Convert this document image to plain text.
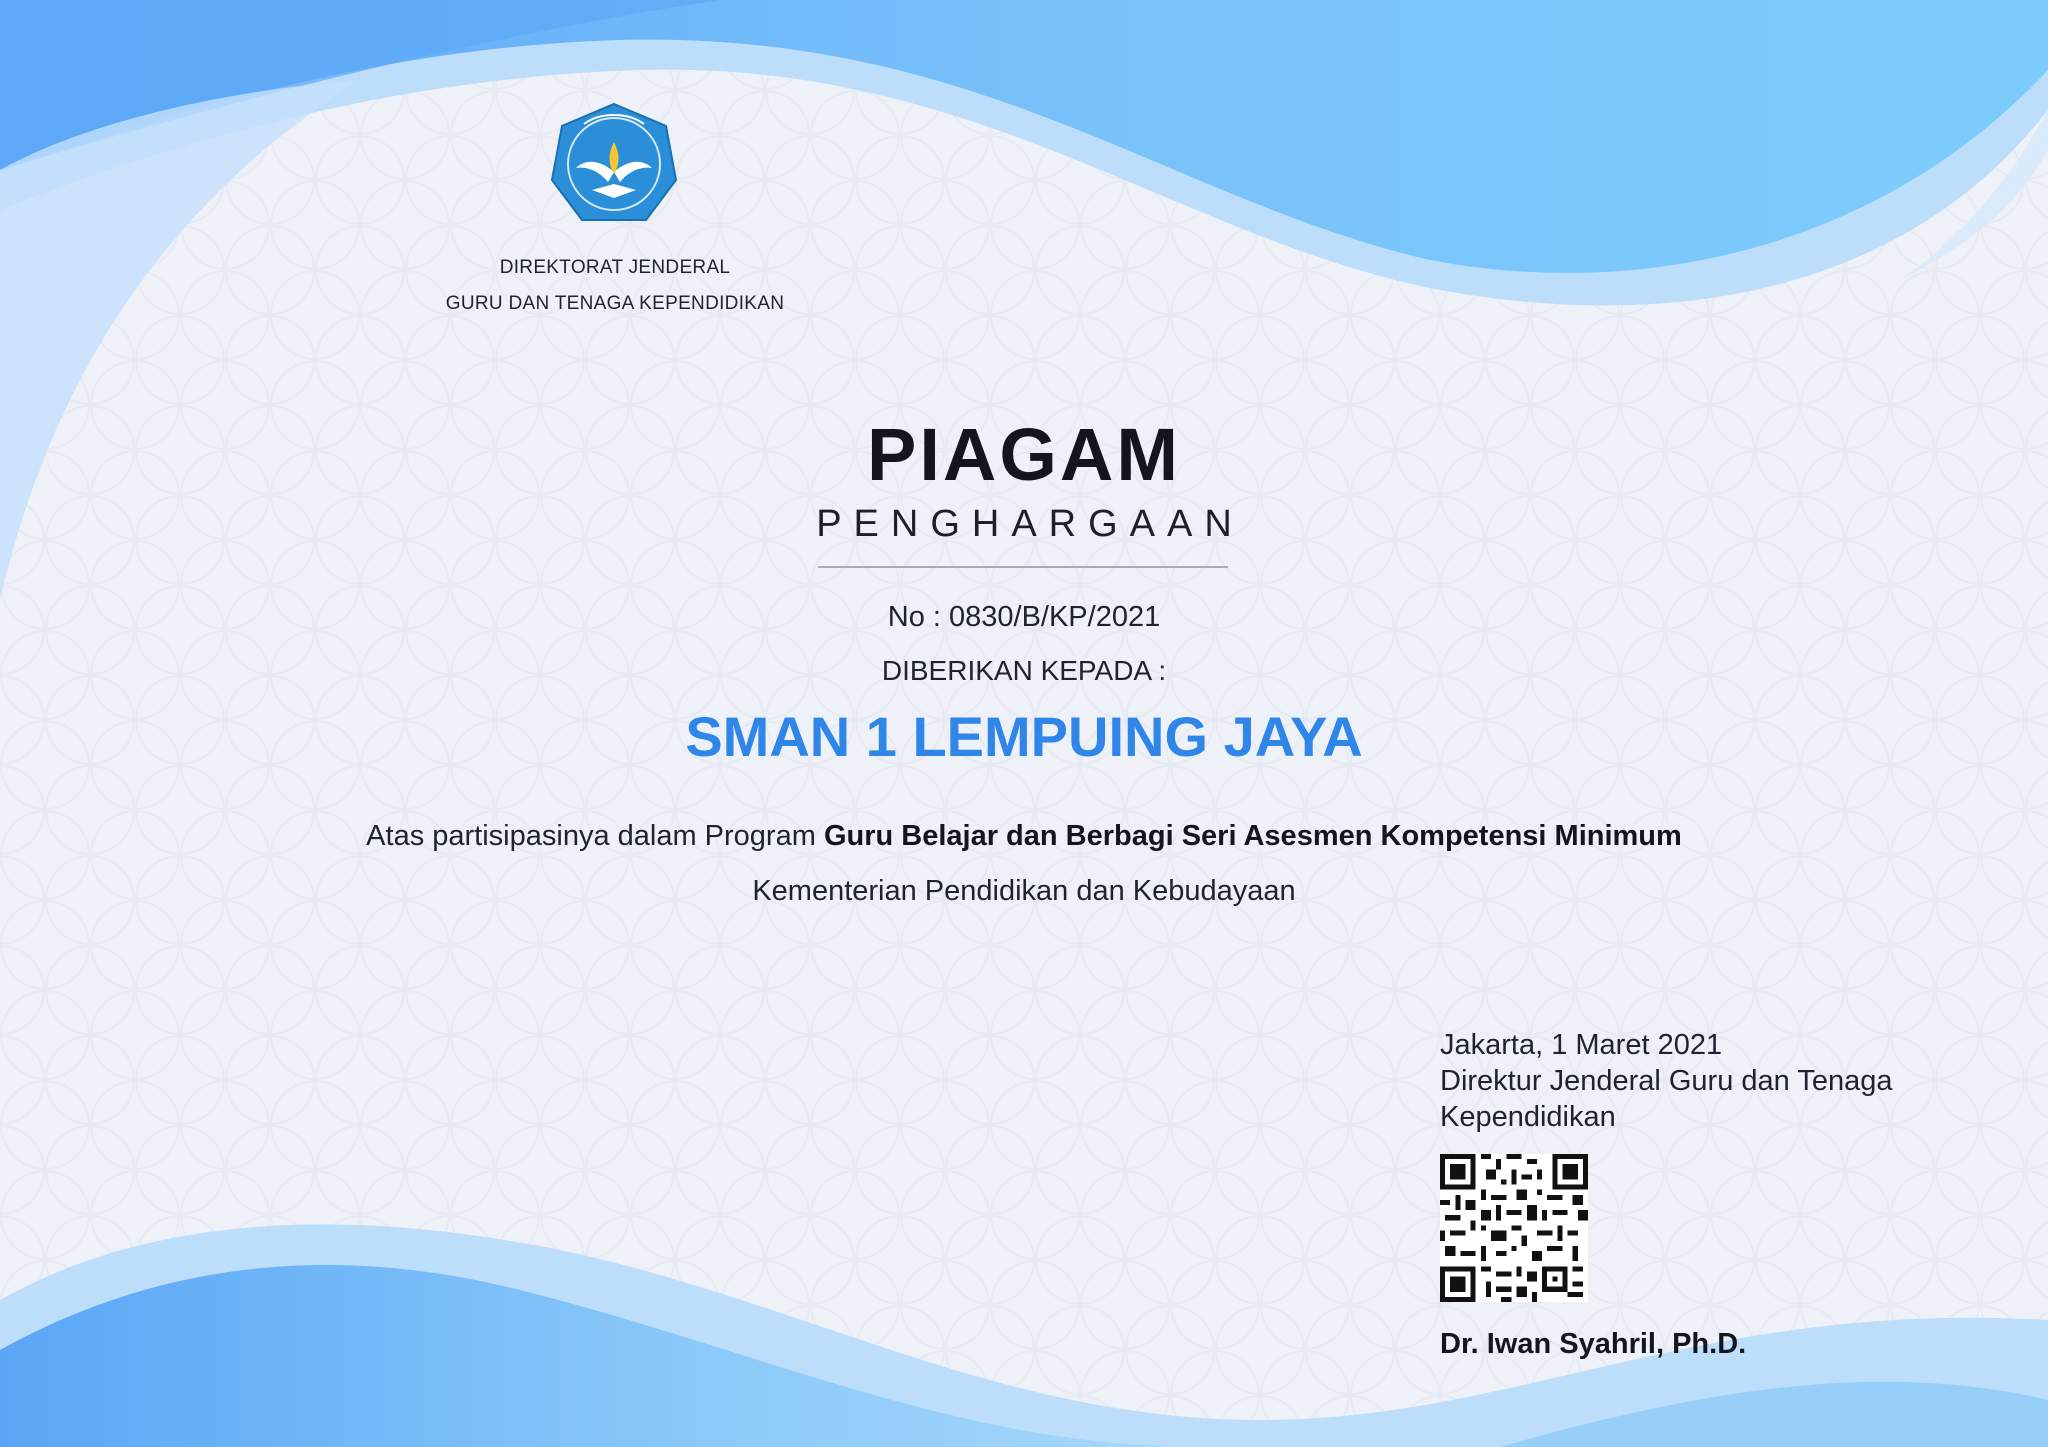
DIREKTORAT JENDERAL
GURU DAN TENAGA KEPENDIDIKAN
PIAGAM
PENGHARGAAN
No : 0830/B/KP/2021
DIBERIKAN KEPADA :
SMAN 1 LEMPUING JAYA
Atas partisipasinya dalam Program Guru Belajar dan Berbagi Seri Asesmen Kompetensi Minimum
Kementerian Pendidikan dan Kebudayaan
Jakarta, 1 Maret 2021
Direktur Jenderal Guru dan Tenaga
Kependidikan
Dr. Iwan Syahril, Ph.D.
